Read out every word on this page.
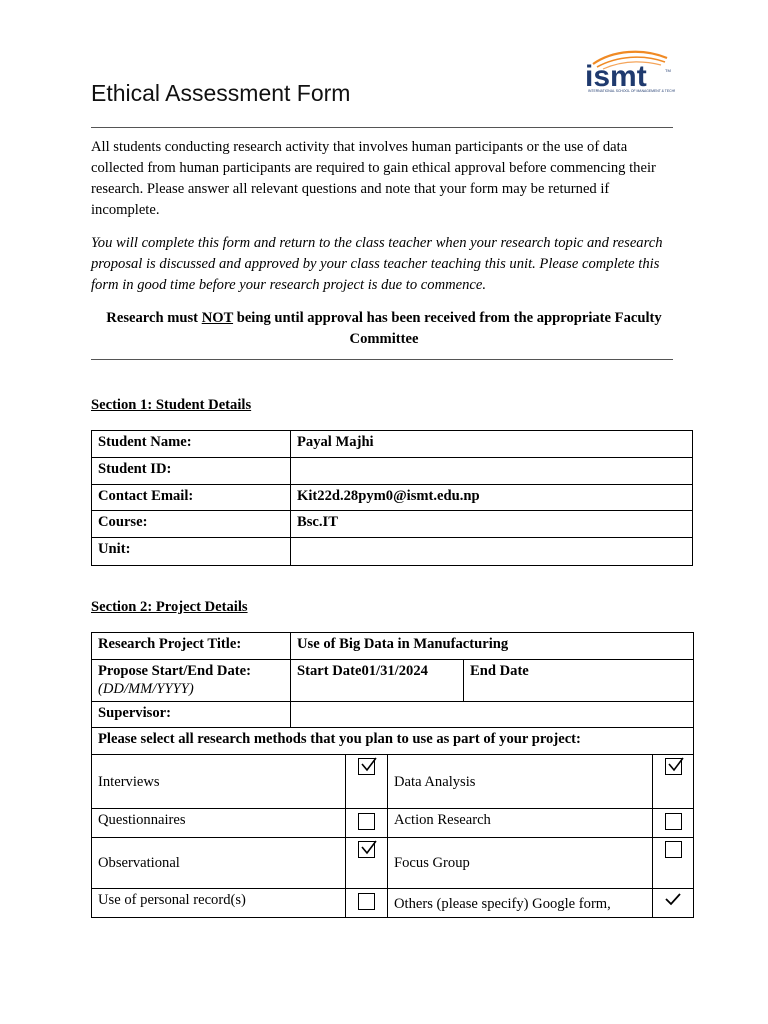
Ethical Assessment Form	ismt	TM
INTERNATIONAL SCHOOL OF MANAGEMENT & TECH
All students conducting research activity that involves human participants or the use of data collected from human participants are required to gain ethical approval before commencing their research. Please answer all relevant questions and note that your form may be returned if incomplete.
You will complete this form and return to the class teacher when your research topic and research proposal is discussed and approved by your class teacher teaching this unit. Please complete this form in good time before your research project is due to commence.
Research must NOT being until approval has been received from the appropriate Faculty Committee
Section 1: Student Details
Student Name:	Payal Majhi
Student ID:	
Contact Email:	Kit22d.28pym0@ismt.edu.np
Course:	Bsc.IT
Unit:	
Section 2: Project Details
Research Project Title:	Use of Big Data in Manufacturing				

Propose Start/End Date:
(DD/MM/YYYY)	Start Date01/31/2024			End Date	
Supervisor:					
Please select all research methods that you plan to use as part of your project:					
Interviews			Data Analysis	

Questionnaires			Action Research		
Observational			Focus Group		
Use of personal record(s)			Others (please specify) Google form,	
